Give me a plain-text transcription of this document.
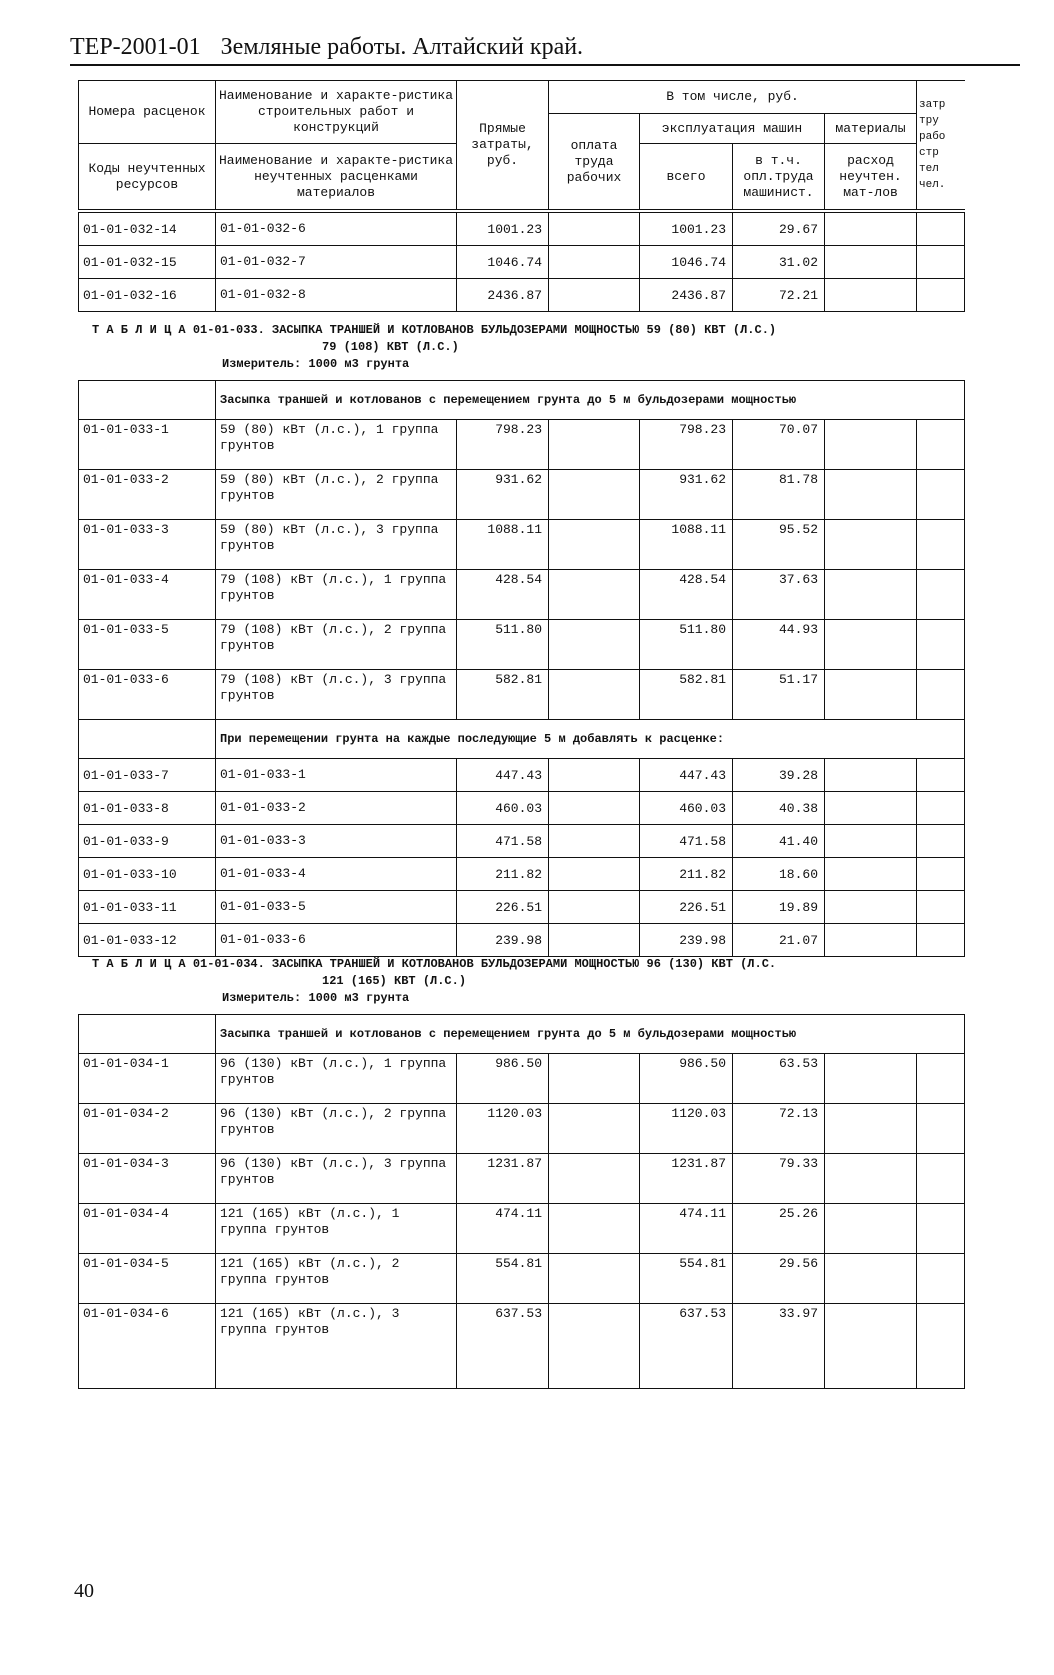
ТЕР-2001-01 Земляные работы. Алтайский край.
Номера расценок	Наименование и характе-ристика строительных работ и конструкций	Прямые затраты, руб.	В том числе, руб.				затр тру рабо стр тел чел.
			оплата труда рабочих	эксплуатация машин		материалы	

Коды неучтенных ресурсов	Наименование и характе-ристика неучтенных расценками материалов			всего	в т.ч. опл.труда машинист.	расход неучтен. мат-лов	
01-01-032-14	01-01-032-6	1001.23		1001.23	29.67		
01-01-032-15	01-01-032-7	1046.74		1046.74	31.02		
01-01-032-16	01-01-032-8	2436.87		2436.87	72.21		
Т А Б Л И Ц А 01-01-033. ЗАСЫПКА ТРАНШЕЙ И КОТЛОВАНОВ БУЛЬДОЗЕРАМИ МОЩНОСТЬЮ 59 (80) КВТ (Л.С.)
79 (108) КВТ (Л.С.)
Измеритель: 1000 м3 грунта
	Засыпка траншей и котлованов с перемещением грунта до 5 м бульдозерами мощностью						
01-01-033-1	59 (80) кВт (л.с.), 1 группа грунтов	798.23		798.23	70.07		
01-01-033-2	59 (80) кВт (л.с.), 2 группа грунтов	931.62		931.62	81.78		
01-01-033-3	59 (80) кВт (л.с.), 3 группа грунтов	1088.11		1088.11	95.52		
01-01-033-4	79 (108) кВт (л.с.), 1 группа грунтов	428.54		428.54	37.63		
01-01-033-5	79 (108) кВт (л.с.), 2 группа грунтов	511.80		511.80	44.93		
01-01-033-6	79 (108) кВт (л.с.), 3 группа грунтов	582.81		582.81	51.17		
	При перемещении грунта на каждые последующие 5 м добавлять к расценке:						
01-01-033-7	01-01-033-1	447.43		447.43	39.28		
01-01-033-8	01-01-033-2	460.03		460.03	40.38		
01-01-033-9	01-01-033-3	471.58		471.58	41.40		
01-01-033-10	01-01-033-4	211.82		211.82	18.60		
01-01-033-11	01-01-033-5	226.51		226.51	19.89		
01-01-033-12	01-01-033-6	239.98		239.98	21.07		
Т А Б Л И Ц А 01-01-034. ЗАСЫПКА ТРАНШЕЙ И КОТЛОВАНОВ БУЛЬДОЗЕРАМИ МОЩНОСТЬЮ 96 (130) КВТ (Л.С.
121 (165) КВТ (Л.С.)
Измеритель: 1000 м3 грунта
	Засыпка траншей и котлованов с перемещением грунта до 5 м бульдозерами мощностью						
01-01-034-1	96 (130) кВт (л.с.), 1 группа грунтов	986.50		986.50	63.53		
01-01-034-2	96 (130) кВт (л.с.), 2 группа грунтов	1120.03		1120.03	72.13		
01-01-034-3	96 (130) кВт (л.с.), 3 группа грунтов	1231.87		1231.87	79.33		
01-01-034-4	121 (165) кВт (л.с.), 1 группа грунтов	474.11		474.11	25.26		
01-01-034-5	121 (165) кВт (л.с.), 2 группа грунтов	554.81		554.81	29.56		
01-01-034-6	121 (165) кВт (л.с.), 3 группа грунтов	637.53		637.53	33.97		
40
